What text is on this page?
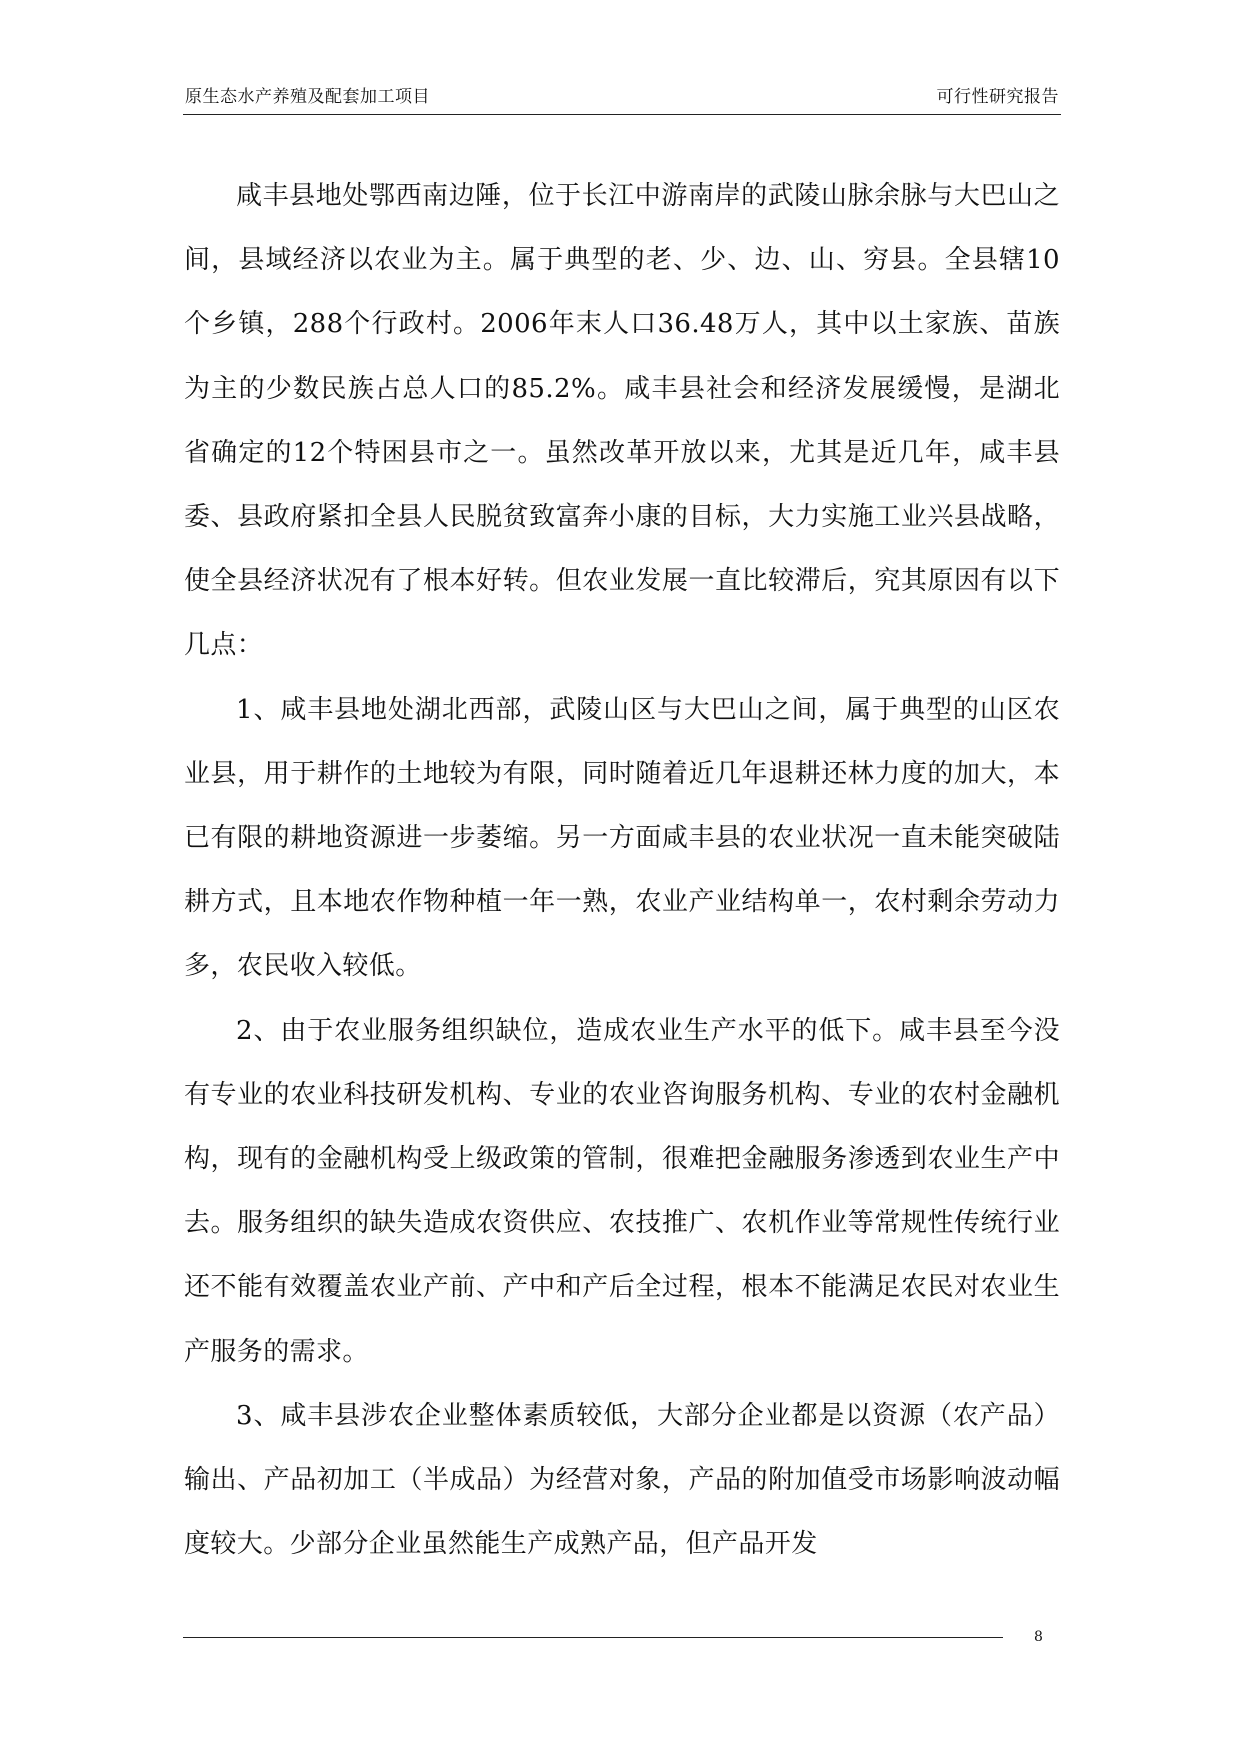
原生态水产养殖及配套加工项目	可行性研究报告

咸丰县地处鄂西南边陲，位于长江中游南岸的武陵山脉余脉与大巴山之间，县域经济以农业为主。属于典型的老、少、边、山、穷县。全县辖10个乡镇，288个行政村。2006年末人口36.48万人，其中以土家族、苗族为主的少数民族占总人口的85.2%。咸丰县社会和经济发展缓慢，是湖北省确定的12个特困县市之一。虽然改革开放以来，尤其是近几年，咸丰县委、县政府紧扣全县人民脱贫致富奔小康的目标，大力实施工业兴县战略，使全县经济状况有了根本好转。但农业发展一直比较滞后，究其原因有以下几点：

1、咸丰县地处湖北西部，武陵山区与大巴山之间，属于典型的山区农业县，用于耕作的土地较为有限，同时随着近几年退耕还林力度的加大，本已有限的耕地资源进一步萎缩。另一方面咸丰县的农业状况一直未能突破陆耕方式，且本地农作物种植一年一熟，农业产业结构单一，农村剩余劳动力多，农民收入较低。

2、由于农业服务组织缺位，造成农业生产水平的低下。咸丰县至今没有专业的农业科技研发机构、专业的农业咨询服务机构、专业的农村金融机构，现有的金融机构受上级政策的管制，很难把金融服务渗透到农业生产中去。服务组织的缺失造成农资供应、农技推广、农机作业等常规性传统行业还不能有效覆盖农业产前、产中和产后全过程，根本不能满足农民对农业生产服务的需求。

3、咸丰县涉农企业整体素质较低，大部分企业都是以资源（农产品）输出、产品初加工（半成品）为经营对象，产品的附加值受市场影响波动幅度较大。少部分企业虽然能生产成熟产品，但产品开发

8
